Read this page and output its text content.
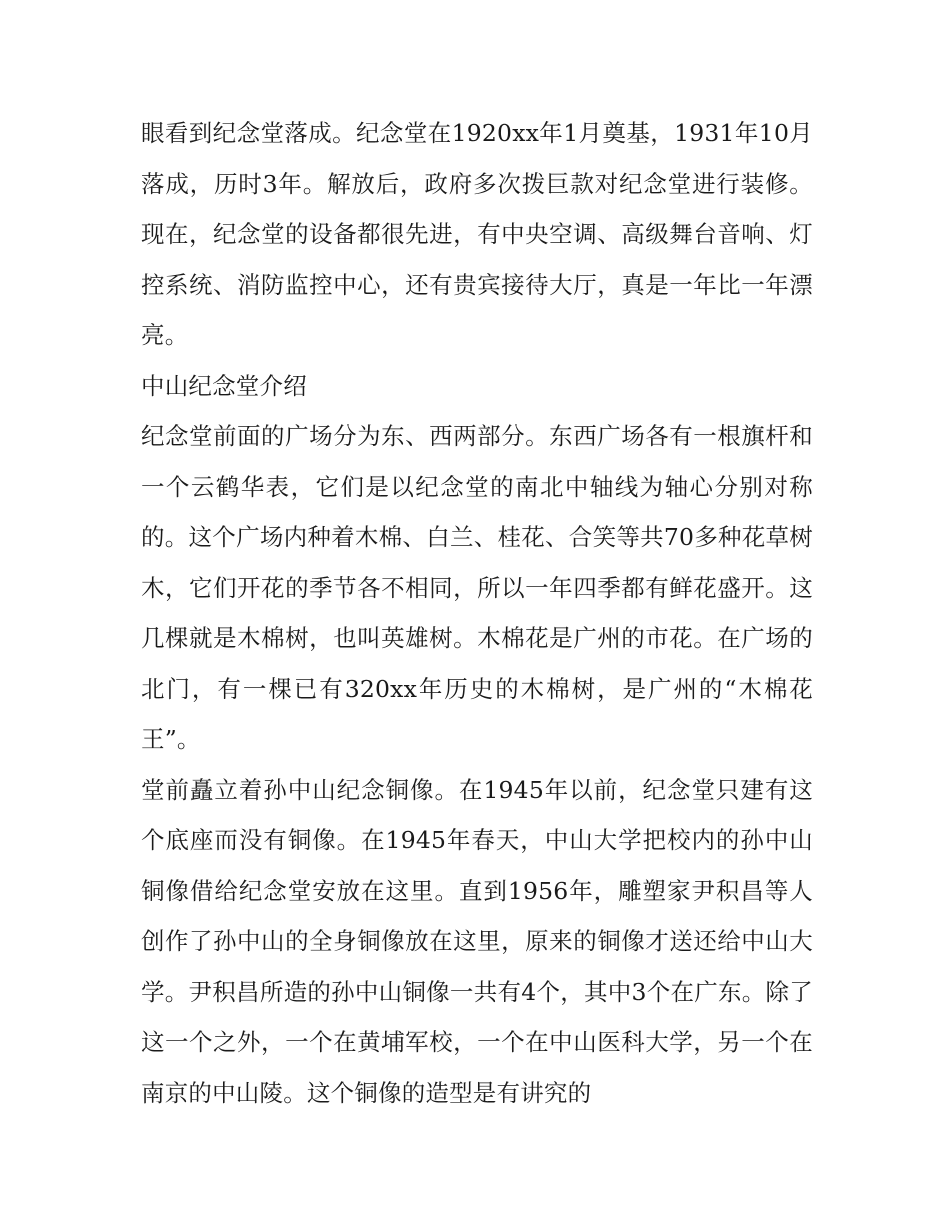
眼看到纪念堂落成。纪念堂在1920xx年1月奠基，1931年10月落成，历时3年。解放后，政府多次拨巨款对纪念堂进行装修。现在，纪念堂的设备都很先进，有中央空调、高级舞台音响、灯控系统、消防监控中心，还有贵宾接待大厅，真是一年比一年漂亮。

中山纪念堂介绍

纪念堂前面的广场分为东、西两部分。东西广场各有一根旗杆和一个云鹤华表，它们是以纪念堂的南北中轴线为轴心分别对称的。这个广场内种着木棉、白兰、桂花、合笑等共70多种花草树木，它们开花的季节各不相同，所以一年四季都有鲜花盛开。这几棵就是木棉树，也叫英雄树。木棉花是广州的市花。在广场的北门，有一棵已有320xx年历史的木棉树，是广州的“木棉花王”。

堂前矗立着孙中山纪念铜像。在1945年以前，纪念堂只建有这个底座而没有铜像。在1945年春天，中山大学把校内的孙中山铜像借给纪念堂安放在这里。直到1956年，雕塑家尹积昌等人创作了孙中山的全身铜像放在这里，原来的铜像才送还给中山大学。尹积昌所造的孙中山铜像一共有4个，其中3个在广东。除了这一个之外，一个在黄埔军校，一个在中山医科大学，另一个在南京的中山陵。这个铜像的造型是有讲究的
